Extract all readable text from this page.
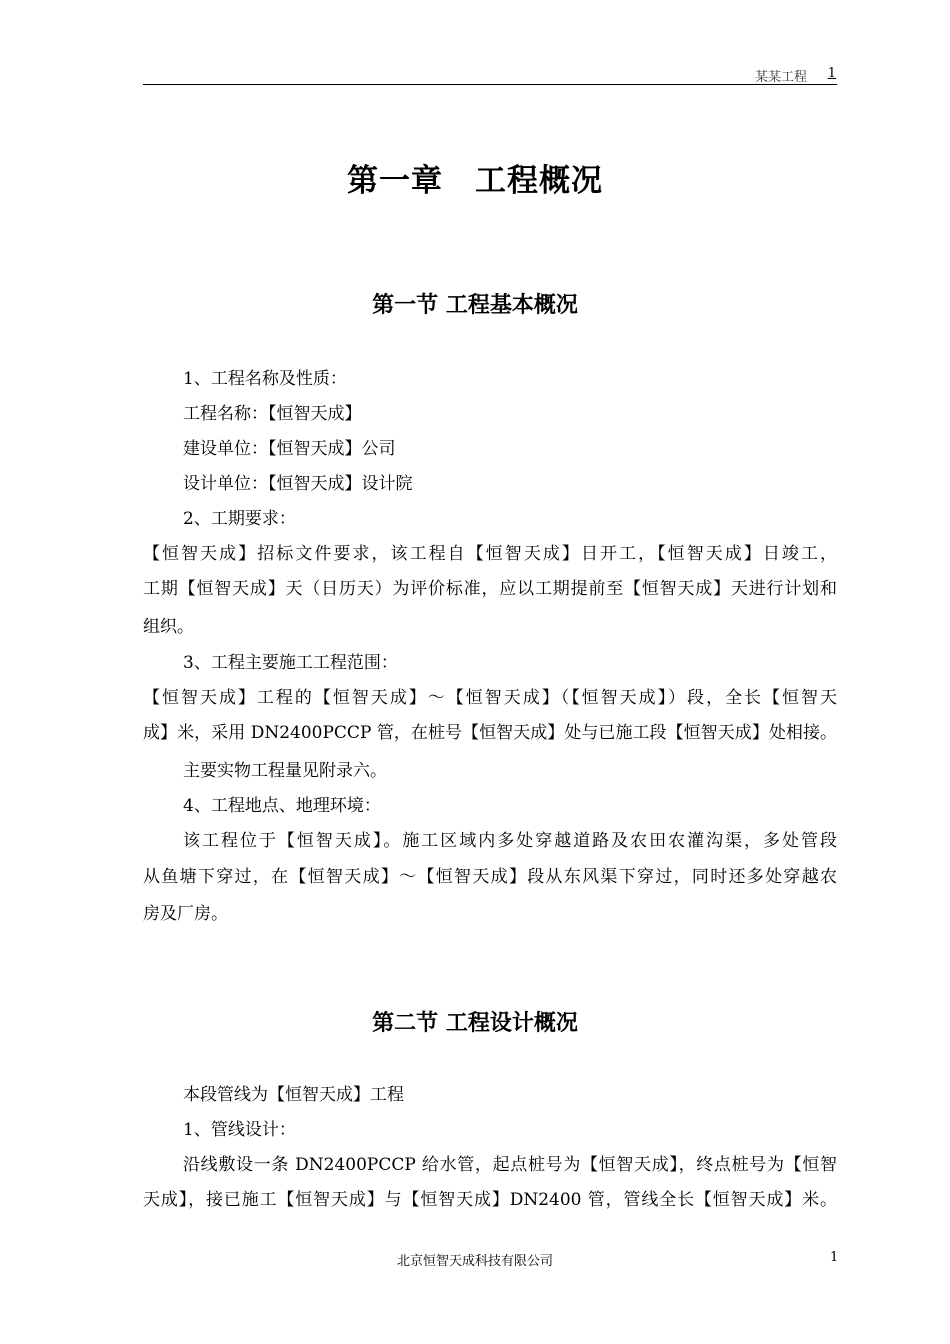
某某工程 1
第一章　工程概况
第一节 工程基本概况
1、工程名称及性质：
工程名称：【恒智天成】
建设单位：【恒智天成】公司
设计单位：【恒智天成】设计院
2、工期要求：
【恒智天成】招标文件要求，该工程自【恒智天成】日开工，【恒智天成】日竣工，
工期【恒智天成】天（日历天）为评价标准，应以工期提前至【恒智天成】天进行计划和
组织。
3、工程主要施工工程范围：
【恒智天成】工程的【恒智天成】～【恒智天成】（【恒智天成】）段，全长【恒智天
成】米，采用 DN2400PCCP 管，在桩号【恒智天成】处与已施工段【恒智天成】处相接。
主要实物工程量见附录六。
4、工程地点、地理环境：
该工程位于【恒智天成】。施工区域内多处穿越道路及农田农灌沟渠，多处管段
从鱼塘下穿过，在【恒智天成】～【恒智天成】段从东风渠下穿过，同时还多处穿越农
房及厂房。
第二节 工程设计概况
本段管线为【恒智天成】工程
1、管线设计：
沿线敷设一条 DN2400PCCP 给水管，起点桩号为【恒智天成】，终点桩号为【恒智
天成】，接已施工【恒智天成】与【恒智天成】DN2400 管，管线全长【恒智天成】米。
北京恒智天成科技有限公司	1
